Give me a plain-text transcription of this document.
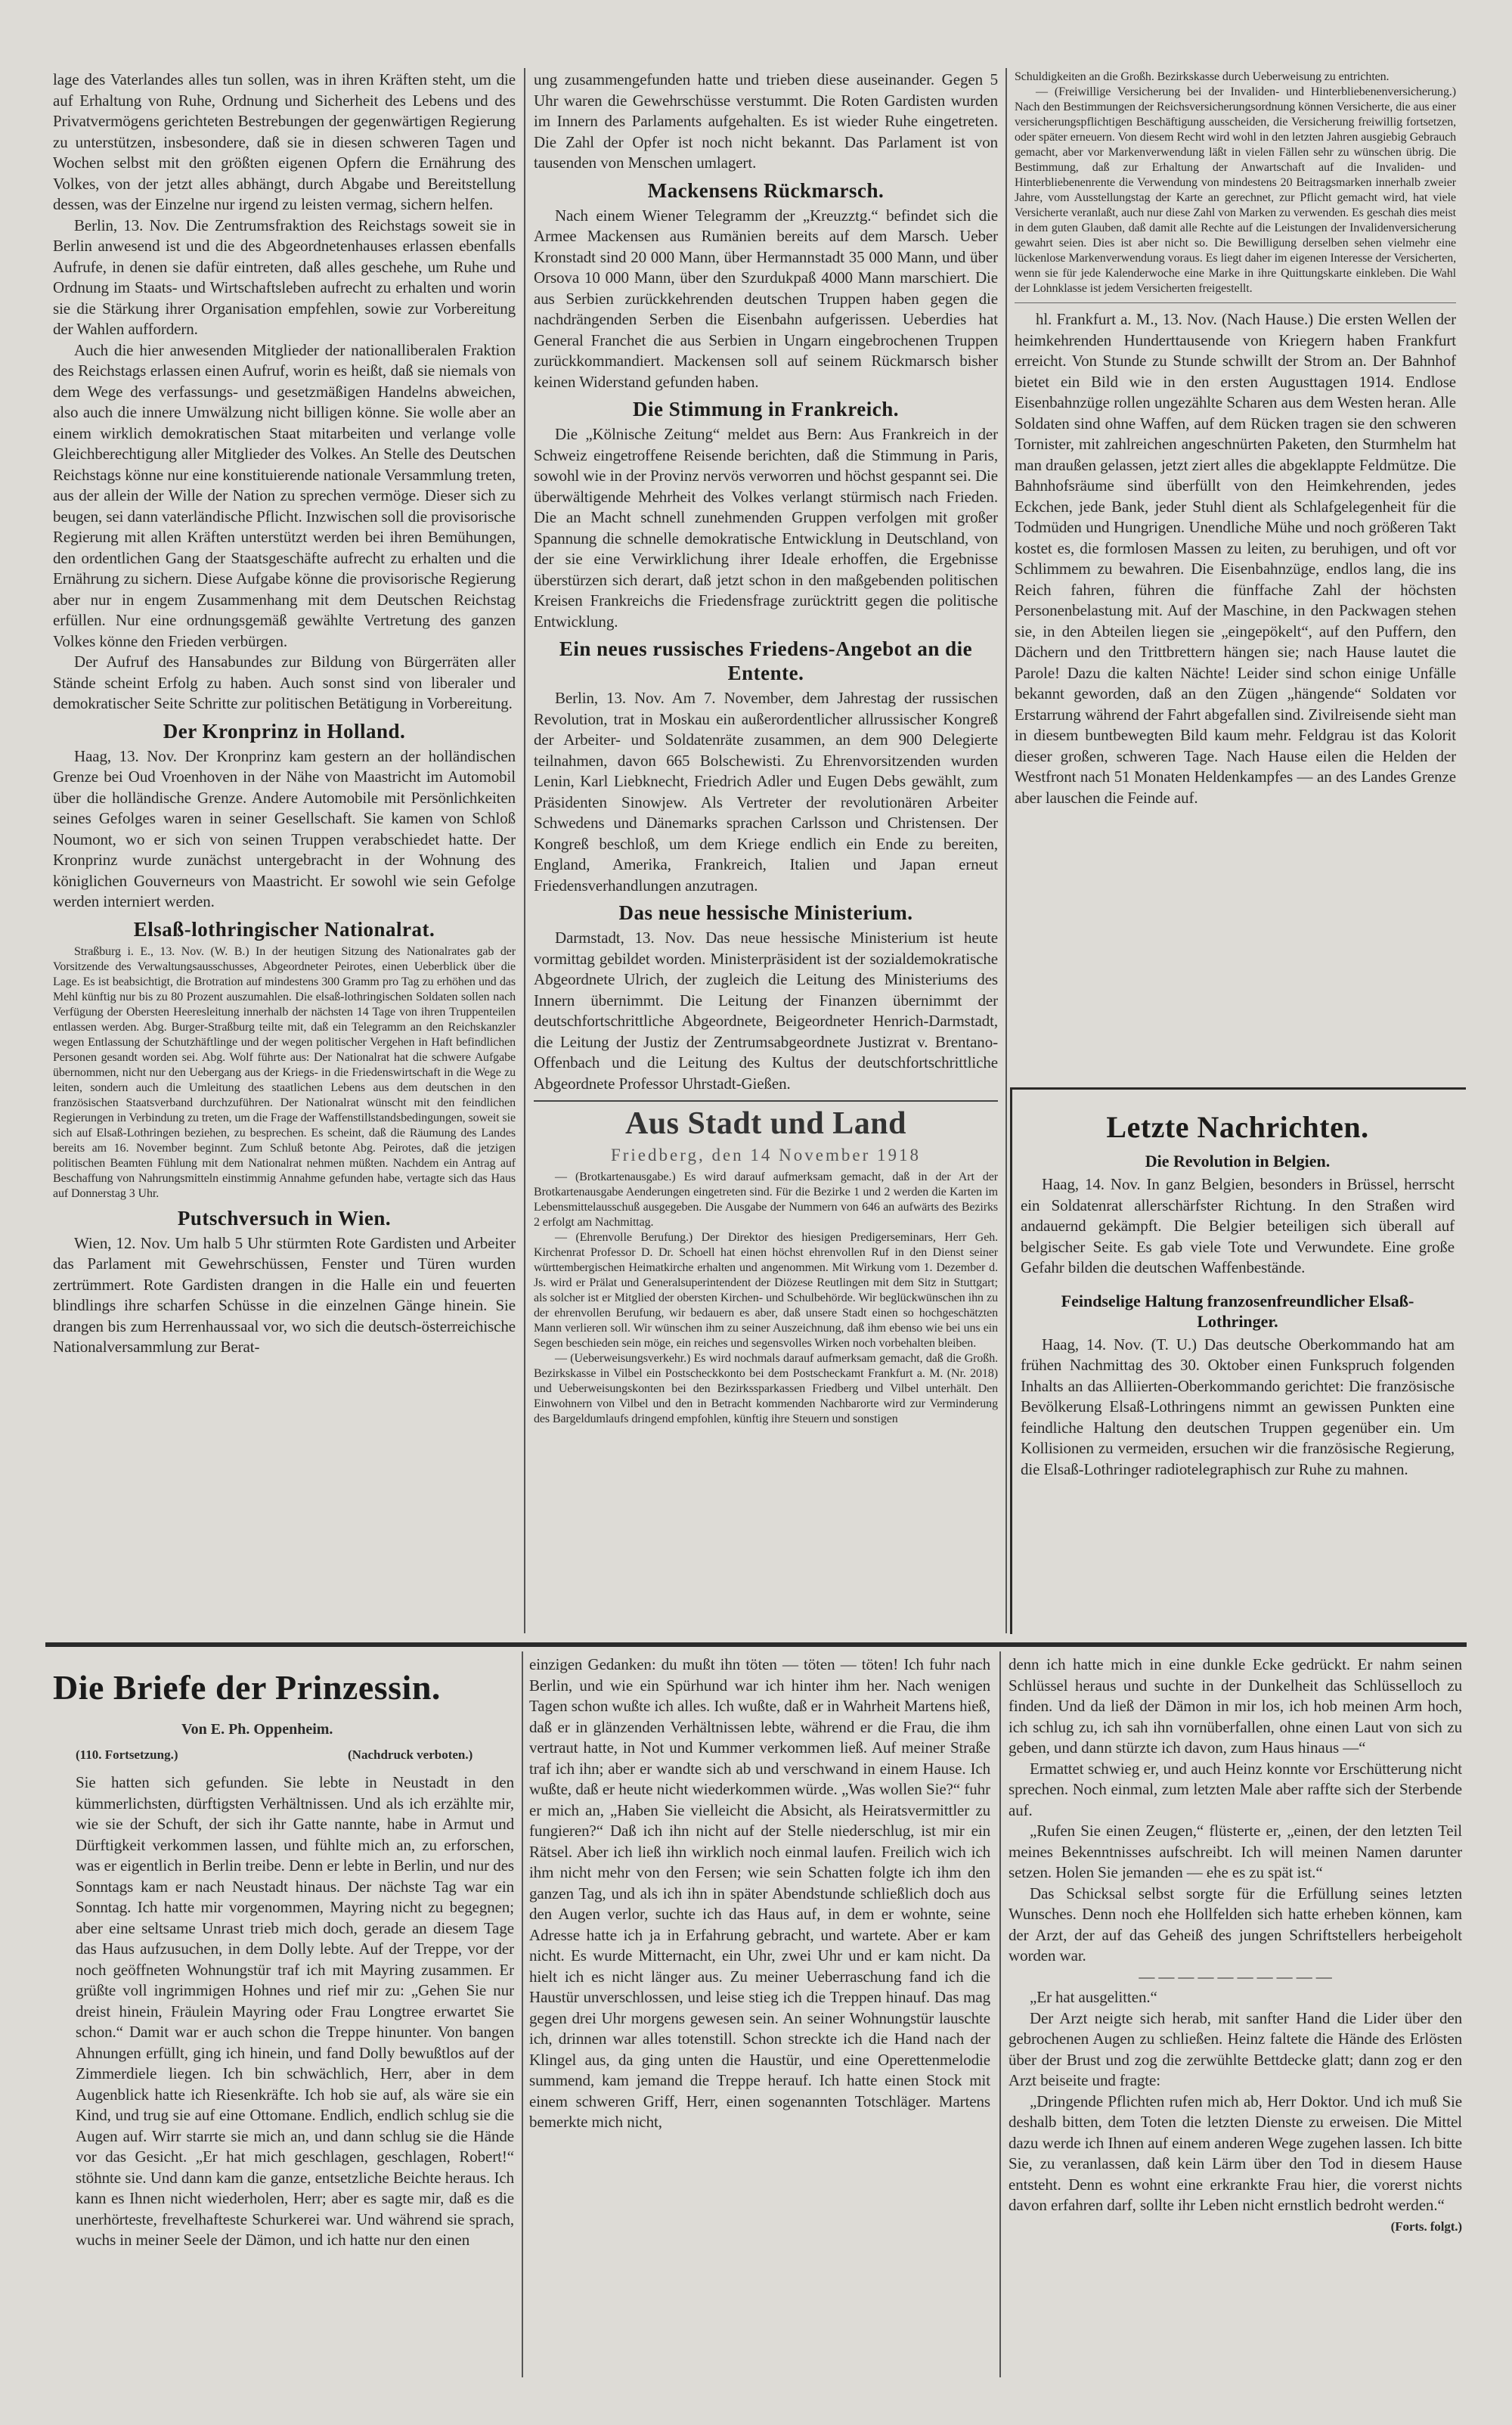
lage des Vaterlandes alles tun sollen, was in ihren Kräften steht, um die auf Erhaltung von Ruhe, Ordnung und Sicherheit des Lebens und des Privatvermögens gerichteten Bestrebungen der gegenwärtigen Regierung zu unterstützen, insbesondere, daß sie in diesen schweren Tagen und Wochen selbst mit den größten eigenen Opfern die Ernährung des Volkes, von der jetzt alles abhängt, durch Abgabe und Bereitstellung dessen, was der Einzelne nur irgend zu leisten vermag, sichern helfen.

Berlin, 13. Nov. Die Zentrumsfraktion des Reichstags soweit sie in Berlin anwesend ist und die des Abgeordnetenhauses erlassen ebenfalls Aufrufe, in denen sie dafür eintreten, daß alles geschehe, um Ruhe und Ordnung im Staats- und Wirtschaftsleben aufrecht zu erhalten und worin sie die Stärkung ihrer Organisation empfehlen, sowie zur Vorbereitung der Wahlen auffordern.

Auch die hier anwesenden Mitglieder der nationalliberalen Fraktion des Reichstags erlassen einen Aufruf, worin es heißt, daß sie niemals von dem Wege des verfassungs- und gesetzmäßigen Handelns abweichen, also auch die innere Umwälzung nicht billigen könne. Sie wolle aber an einem wirklich demokratischen Staat mitarbeiten und verlange volle Gleichberechtigung aller Mitglieder des Volkes. An Stelle des Deutschen Reichstags könne nur eine konstituierende nationale Versammlung treten, aus der allein der Wille der Nation zu sprechen vermöge. Dieser sich zu beugen, sei dann vaterländische Pflicht. Inzwischen soll die provisorische Regierung mit allen Kräften unterstützt werden bei ihren Bemühungen, den ordentlichen Gang der Staatsgeschäfte aufrecht zu erhalten und die Ernährung zu sichern. Diese Aufgabe könne die provisorische Regierung aber nur in engem Zusammenhang mit dem Deutschen Reichstag erfüllen. Nur eine ordnungsgemäß gewählte Vertretung des ganzen Volkes könne den Frieden verbürgen.

Der Aufruf des Hansabundes zur Bildung von Bürgerräten aller Stände scheint Erfolg zu haben. Auch sonst sind von liberaler und demokratischer Seite Schritte zur politischen Betätigung in Vorbereitung.

Der Kronprinz in Holland.

Haag, 13. Nov. Der Kronprinz kam gestern an der holländischen Grenze bei Oud Vroenhoven in der Nähe von Maastricht im Automobil über die holländische Grenze. Andere Automobile mit Persönlichkeiten seines Gefolges waren in seiner Gesellschaft. Sie kamen von Schloß Noumont, wo er sich von seinen Truppen verabschiedet hatte. Der Kronprinz wurde zunächst untergebracht in der Wohnung des königlichen Gouverneurs von Maastricht. Er sowohl wie sein Gefolge werden interniert werden.

Elsaß-lothringischer Nationalrat.

Straßburg i. E., 13. Nov. (W. B.) In der heutigen Sitzung des Nationalrates gab der Vorsitzende des Verwaltungsausschusses, Abgeordneter Peirotes, einen Ueberblick über die Lage. Es ist beabsichtigt, die Brotration auf mindestens 300 Gramm pro Tag zu erhöhen und das Mehl künftig nur bis zu 80 Prozent auszumahlen. Die elsaß-lothringischen Soldaten sollen nach Verfügung der Obersten Heeresleitung innerhalb der nächsten 14 Tage von ihren Truppenteilen entlassen werden. Abg. Burger-Straßburg teilte mit, daß ein Telegramm an den Reichskanzler wegen Entlassung der Schutzhäftlinge und der wegen politischer Vergehen in Haft befindlichen Personen gesandt worden sei. Abg. Wolf führte aus: Der Nationalrat hat die schwere Aufgabe übernommen, nicht nur den Uebergang aus der Kriegs- in die Friedenswirtschaft in die Wege zu leiten, sondern auch die Umleitung des staatlichen Lebens aus dem deutschen in den französischen Staatsverband durchzuführen. Der Nationalrat wünscht mit den feindlichen Regierungen in Verbindung zu treten, um die Frage der Waffenstillstandsbedingungen, soweit sie sich auf Elsaß-Lothringen beziehen, zu besprechen. Es scheint, daß die Räumung des Landes bereits am 16. November beginnt. Zum Schluß betonte Abg. Peirotes, daß die jetzigen politischen Beamten Fühlung mit dem Nationalrat nehmen müßten. Nachdem ein Antrag auf Beschaffung von Nahrungsmitteln einstimmig Annahme gefunden habe, vertagte sich das Haus auf Donnerstag 3 Uhr.

Putschversuch in Wien.

Wien, 12. Nov. Um halb 5 Uhr stürmten Rote Gardisten und Arbeiter das Parlament mit Gewehrschüssen, Fenster und Türen wurden zertrümmert. Rote Gardisten drangen in die Halle ein und feuerten blindlings ihre scharfen Schüsse in die einzelnen Gänge hinein. Sie drangen bis zum Herrenhaussaal vor, wo sich die deutsch-österreichische Nationalversammlung zur Berat-

ung zusammengefunden hatte und trieben diese auseinander. Gegen 5 Uhr waren die Gewehrschüsse verstummt. Die Roten Gardisten wurden im Innern des Parlaments aufgehalten. Es ist wieder Ruhe eingetreten. Die Zahl der Opfer ist noch nicht bekannt. Das Parlament ist von tausenden von Menschen umlagert.

Mackensens Rückmarsch.

Nach einem Wiener Telegramm der „Kreuzztg.“ befindet sich die Armee Mackensen aus Rumänien bereits auf dem Marsch. Ueber Kronstadt sind 20 000 Mann, über Hermannstadt 35 000 Mann, und über Orsova 10 000 Mann, über den Szurdukpaß 4000 Mann marschiert. Die aus Serbien zurückkehrenden deutschen Truppen haben gegen die nachdrängenden Serben die Eisenbahn aufgerissen. Ueberdies hat General Franchet die aus Serbien in Ungarn eingebrochenen Truppen zurückkommandiert. Mackensen soll auf seinem Rückmarsch bisher keinen Widerstand gefunden haben.

Die Stimmung in Frankreich.

Die „Kölnische Zeitung“ meldet aus Bern: Aus Frankreich in der Schweiz eingetroffene Reisende berichten, daß die Stimmung in Paris, sowohl wie in der Provinz nervös verworren und höchst gespannt sei. Die überwältigende Mehrheit des Volkes verlangt stürmisch nach Frieden. Die an Macht schnell zunehmenden Gruppen verfolgen mit großer Spannung die schnelle demokratische Entwicklung in Deutschland, von der sie eine Verwirklichung ihrer Ideale erhoffen, die Ergebnisse überstürzen sich derart, daß jetzt schon in den maßgebenden politischen Kreisen Frankreichs die Friedensfrage zurücktritt gegen die politische Entwicklung.

Ein neues russisches Friedens-Angebot an die Entente.

Berlin, 13. Nov. Am 7. November, dem Jahrestag der russischen Revolution, trat in Moskau ein außerordentlicher allrussischer Kongreß der Arbeiter- und Soldatenräte zusammen, an dem 900 Delegierte teilnahmen, davon 665 Bolschewisti. Zu Ehrenvorsitzenden wurden Lenin, Karl Liebknecht, Friedrich Adler und Eugen Debs gewählt, zum Präsidenten Sinowjew. Als Vertreter der revolutionären Arbeiter Schwedens und Dänemarks sprachen Carlsson und Christensen. Der Kongreß beschloß, um dem Kriege endlich ein Ende zu bereiten, England, Amerika, Frankreich, Italien und Japan erneut Friedensverhandlungen anzutragen.

Das neue hessische Ministerium.

Darmstadt, 13. Nov. Das neue hessische Ministerium ist heute vormittag gebildet worden. Ministerpräsident ist der sozialdemokratische Abgeordnete Ulrich, der zugleich die Leitung des Ministeriums des Innern übernimmt. Die Leitung der Finanzen übernimmt der deutschfortschrittliche Abgeordnete, Beigeordneter Henrich-Darmstadt, die Leitung der Justiz der Zentrumsabgeordnete Justizrat v. Brentano-Offenbach und die Leitung des Kultus der deutschfortschrittliche Abgeordnete Professor Uhrstadt-Gießen.

Aus Stadt und Land
Friedberg, den 14 November 1918

— (Brotkartenausgabe.) Es wird darauf aufmerksam gemacht, daß in der Art der Brotkartenausgabe Aenderungen eingetreten sind. Für die Bezirke 1 und 2 werden die Karten im Lebensmittelausschuß ausgegeben. Die Ausgabe der Nummern von 646 an aufwärts des Bezirks 2 erfolgt am Nachmittag.

— (Ehrenvolle Berufung.) Der Direktor des hiesigen Predigerseminars, Herr Geh. Kirchenrat Professor D. Dr. Schoell hat einen höchst ehrenvollen Ruf in den Dienst seiner württembergischen Heimatkirche erhalten und angenommen. Mit Wirkung vom 1. Dezember d. Js. wird er Prälat und Generalsuperintendent der Diözese Reutlingen mit dem Sitz in Stuttgart; als solcher ist er Mitglied der obersten Kirchen- und Schulbehörde. Wir beglückwünschen ihn zu der ehrenvollen Berufung, wir bedauern es aber, daß unsere Stadt einen so hochgeschätzten Mann verlieren soll. Wir wünschen ihm zu seiner Auszeichnung, daß ihm ebenso wie bei uns ein Segen beschieden sein möge, ein reiches und segensvolles Wirken noch vorbehalten bleiben.

— (Ueberweisungsverkehr.) Es wird nochmals darauf aufmerksam gemacht, daß die Großh. Bezirkskasse in Vilbel ein Postscheckkonto bei dem Postscheckamt Frankfurt a. M. (Nr. 2018) und Ueberweisungskonten bei den Bezirkssparkassen Friedberg und Vilbel unterhält. Den Einwohnern von Vilbel und den in Betracht kommenden Nachbarorte wird zur Verminderung des Bargeldumlaufs dringend empfohlen, künftig ihre Steuern und sonstigen

Schuldigkeiten an die Großh. Bezirkskasse durch Ueberweisung zu entrichten.

— (Freiwillige Versicherung bei der Invaliden- und Hinterbliebenenversicherung.) Nach den Bestimmungen der Reichsversicherungsordnung können Versicherte, die aus einer versicherungspflichtigen Beschäftigung ausscheiden, die Versicherung freiwillig fortsetzen, oder später erneuern. Von diesem Recht wird wohl in den letzten Jahren ausgiebig Gebrauch gemacht, aber vor Markenverwendung läßt in vielen Fällen sehr zu wünschen übrig. Die Bestimmung, daß zur Erhaltung der Anwartschaft auf die Invaliden- und Hinterbliebenenrente die Verwendung von mindestens 20 Beitragsmarken innerhalb zweier Jahre, vom Ausstellungstag der Karte an gerechnet, zur Pflicht gemacht wird, hat viele Versicherte veranlaßt, auch nur diese Zahl von Marken zu verwenden. Es geschah dies meist in dem guten Glauben, daß damit alle Rechte auf die Leistungen der Invalidenversicherung gewahrt seien. Dies ist aber nicht so. Die Bewilligung derselben sehen vielmehr eine lückenlose Markenverwendung voraus. Es liegt daher im eigenen Interesse der Versicherten, wenn sie für jede Kalenderwoche eine Marke in ihre Quittungskarte einkleben. Die Wahl der Lohnklasse ist jedem Versicherten freigestellt.

hl. Frankfurt a. M., 13. Nov. (Nach Hause.) Die ersten Wellen der heimkehrenden Hunderttausende von Kriegern haben Frankfurt erreicht. Von Stunde zu Stunde schwillt der Strom an. Der Bahnhof bietet ein Bild wie in den ersten Augusttagen 1914. Endlose Eisenbahnzüge rollen ungezählte Scharen aus dem Westen heran. Alle Soldaten sind ohne Waffen, auf dem Rücken tragen sie den schweren Tornister, mit zahlreichen angeschnürten Paketen, den Sturmhelm hat man draußen gelassen, jetzt ziert alles die abgeklappte Feldmütze. Die Bahnhofsräume sind überfüllt von den Heimkehrenden, jedes Eckchen, jede Bank, jeder Stuhl dient als Schlafgelegenheit für die Todmüden und Hungrigen. Unendliche Mühe und noch größeren Takt kostet es, die formlosen Massen zu leiten, zu beruhigen, und oft vor Schlimmem zu bewahren. Die Eisenbahnzüge, endlos lang, die ins Reich fahren, führen die fünffache Zahl der höchsten Personenbelastung mit. Auf der Maschine, in den Packwagen stehen sie, in den Abteilen liegen sie „eingepökelt“, auf den Puffern, den Dächern und den Trittbrettern hängen sie; nach Hause lautet die Parole! Dazu die kalten Nächte! Leider sind schon einige Unfälle bekannt geworden, daß an den Zügen „hängende“ Soldaten vor Erstarrung während der Fahrt abgefallen sind. Zivilreisende sieht man in diesem buntbewegten Bild kaum mehr. Feldgrau ist das Kolorit dieser großen, schweren Tage. Nach Hause eilen die Helden der Westfront nach 51 Monaten Heldenkampfes — an des Landes Grenze aber lauschen die Feinde auf.

Letzte Nachrichten.
Die Revolution in Belgien.

Haag, 14. Nov. In ganz Belgien, besonders in Brüssel, herrscht ein Soldatenrat allerschärfster Richtung. In den Straßen wird andauernd gekämpft. Die Belgier beteiligen sich überall auf belgischer Seite. Es gab viele Tote und Verwundete. Eine große Gefahr bilden die deutschen Waffenbestände.

Feindselige Haltung franzosenfreundlicher Elsaß-Lothringer.

Haag, 14. Nov. (T. U.) Das deutsche Oberkommando hat am frühen Nachmittag des 30. Oktober einen Funkspruch folgenden Inhalts an das Alliierten-Oberkommando gerichtet: Die französische Bevölkerung Elsaß-Lothringens nimmt an gewissen Punkten eine feindliche Haltung den deutschen Truppen gegenüber ein. Um Kollisionen zu vermeiden, ersuchen wir die französische Regierung, die Elsaß-Lothringer radiotelegraphisch zur Ruhe zu mahnen.

Die Briefe der Prinzessin.
Von E. Ph. Oppenheim.
(110. Fortsetzung.)	(Nachdruck verboten.)

Sie hatten sich gefunden. Sie lebte in Neustadt in den kümmerlichsten, dürftigsten Verhältnissen. Und als ich erzählte mir, wie sie der Schuft, der sich ihr Gatte nannte, habe in Armut und Dürftigkeit verkommen lassen, und fühlte mich an, zu erforschen, was er eigentlich in Berlin treibe. Denn er lebte in Berlin, und nur des Sonntags kam er nach Neustadt hinaus. Der nächste Tag war ein Sonntag. Ich hatte mir vorgenommen, Mayring nicht zu begegnen; aber eine seltsame Unrast trieb mich doch, gerade an diesem Tage das Haus aufzusuchen, in dem Dolly lebte. Auf der Treppe, vor der noch geöffneten Wohnungstür traf ich mit Mayring zusammen. Er grüßte voll ingrimmigen Hohnes und rief mir zu: „Gehen Sie nur dreist hinein, Fräulein Mayring oder Frau Longtree erwartet Sie schon.“ Damit war er auch schon die Treppe hinunter. Von bangen Ahnungen erfüllt, ging ich hinein, und fand Dolly bewußtlos auf der Zimmerdiele liegen. Ich bin schwächlich, Herr, aber in dem Augenblick hatte ich Riesenkräfte. Ich hob sie auf, als wäre sie ein Kind, und trug sie auf eine Ottomane. Endlich, endlich schlug sie die Augen auf. Wirr starrte sie mich an, und dann schlug sie die Hände vor das Gesicht. „Er hat mich geschlagen, geschlagen, Robert!“ stöhnte sie. Und dann kam die ganze, entsetzliche Beichte heraus. Ich kann es Ihnen nicht wiederholen, Herr; aber es sagte mir, daß es die unerhörteste, frevelhafteste Schurkerei war. Und während sie sprach, wuchs in meiner Seele der Dämon, und ich hatte nur den einen

einzigen Gedanken: du mußt ihn töten — töten — töten! Ich fuhr nach Berlin, und wie ein Spürhund war ich hinter ihm her. Nach wenigen Tagen schon wußte ich alles. Ich wußte, daß er in Wahrheit Martens hieß, daß er in glänzenden Verhältnissen lebte, während er die Frau, die ihm vertraut hatte, in Not und Kummer verkommen ließ. Auf meiner Straße traf ich ihn; aber er wandte sich ab und verschwand in einem Hause. Ich wußte, daß er heute nicht wiederkommen würde. „Was wollen Sie?“ fuhr er mich an, „Haben Sie vielleicht die Absicht, als Heiratsvermittler zu fungieren?“ Daß ich ihn nicht auf der Stelle niederschlug, ist mir ein Rätsel. Aber ich ließ ihn wirklich noch einmal laufen. Freilich wich ich ihm nicht mehr von den Fersen; wie sein Schatten folgte ich ihm den ganzen Tag, und als ich ihn in später Abendstunde schließlich doch aus den Augen verlor, suchte ich das Haus auf, in dem er wohnte, seine Adresse hatte ich ja in Erfahrung gebracht, und wartete. Aber er kam nicht. Es wurde Mitternacht, ein Uhr, zwei Uhr und er kam nicht. Da hielt ich es nicht länger aus. Zu meiner Ueberraschung fand ich die Haustür unverschlossen, und leise stieg ich die Treppen hinauf. Das mag gegen drei Uhr morgens gewesen sein. An seiner Wohnungstür lauschte ich, drinnen war alles totenstill. Schon streckte ich die Hand nach der Klingel aus, da ging unten die Haustür, und eine Operettenmelodie summend, kam jemand die Treppe herauf. Ich hatte einen Stock mit einem schweren Griff, Herr, einen sogenannten Totschläger. Martens bemerkte mich nicht,

denn ich hatte mich in eine dunkle Ecke gedrückt. Er nahm seinen Schlüssel heraus und suchte in der Dunkelheit das Schlüsselloch zu finden. Und da ließ der Dämon in mir los, ich hob meinen Arm hoch, ich schlug zu, ich sah ihn vornüberfallen, ohne einen Laut von sich zu geben, und dann stürzte ich davon, zum Haus hinaus —“

Ermattet schwieg er, und auch Heinz konnte vor Erschütterung nicht sprechen. Noch einmal, zum letzten Male aber raffte sich der Sterbende auf.

„Rufen Sie einen Zeugen,“ flüsterte er, „einen, der den letzten Teil meines Bekenntnisses aufschreibt. Ich will meinen Namen darunter setzen. Holen Sie jemanden — ehe es zu spät ist.“

Das Schicksal selbst sorgte für die Erfüllung seines letzten Wunsches. Denn noch ehe Hollfelden sich hatte erheben können, kam der Arzt, der auf das Geheiß des jungen Schriftstellers herbeigeholt worden war.

— — — — — — — — — —

„Er hat ausgelitten.“

Der Arzt neigte sich herab, mit sanfter Hand die Lider über den gebrochenen Augen zu schließen. Heinz faltete die Hände des Erlösten über der Brust und zog die zerwühlte Bettdecke glatt; dann zog er den Arzt beiseite und fragte:

„Dringende Pflichten rufen mich ab, Herr Doktor. Und ich muß Sie deshalb bitten, dem Toten die letzten Dienste zu erweisen. Die Mittel dazu werde ich Ihnen auf einem anderen Wege zugehen lassen. Ich bitte Sie, zu veranlassen, daß kein Lärm über den Tod in diesem Hause entsteht. Denn es wohnt eine erkrankte Frau hier, die vorerst nichts davon erfahren darf, sollte ihr Leben nicht ernstlich bedroht werden.“

(Forts. folgt.)
